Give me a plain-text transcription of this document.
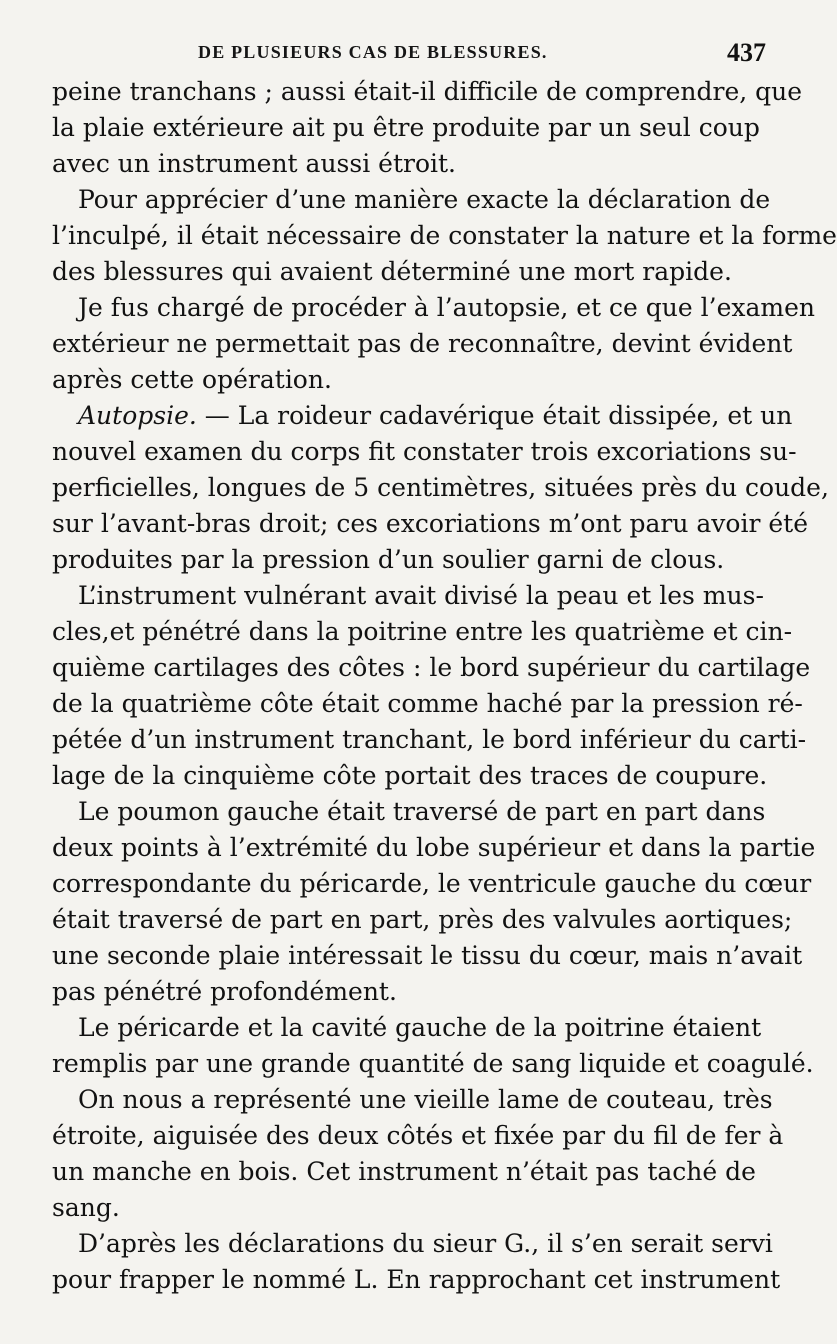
DE PLUSIEURS CAS DE BLESSURES.	437
peine tranchans ; aussi était-il difficile de comprendre, que
la plaie extérieure ait pu être produite par un seul coup
avec un instrument aussi étroit.
Pour apprécier d’une manière exacte la déclaration de
l’inculpé, il était nécessaire de constater la nature et la forme
des blessures qui avaient déterminé une mort rapide.
Je fus chargé de procéder à l’autopsie, et ce que l’examen
extérieur ne permettait pas de reconnaître, devint évident
après cette opération.
Autopsie. — La roideur cadavérique était dissipée, et un
nouvel examen du corps fit constater trois excoriations su-
perficielles, longues de 5 centimètres, situées près du coude,
sur l’avant-bras droit; ces excoriations m’ont paru avoir été
produites par la pression d’un soulier garni de clous.
L’instrument vulnérant avait divisé la peau et les mus-
cles,et pénétré dans la poitrine entre les quatrième et cin-
quième cartilages des côtes : le bord supérieur du cartilage
de la quatrième côte était comme haché par la pression ré-
pétée d’un instrument tranchant, le bord inférieur du carti-
lage de la cinquième côte portait des traces de coupure.
Le poumon gauche était traversé de part en part dans
deux points à l’extrémité du lobe supérieur et dans la partie
correspondante du péricarde, le ventricule gauche du cœur
était traversé de part en part, près des valvules aortiques;
une seconde plaie intéressait le tissu du cœur, mais n’avait
pas pénétré profondément.
Le péricarde et la cavité gauche de la poitrine étaient
remplis par une grande quantité de sang liquide et coagulé.
On nous a représenté une vieille lame de couteau, très
étroite, aiguisée des deux côtés et fixée par du fil de fer à
un manche en bois. Cet instrument n’était pas taché de
sang.
D’après les déclarations du sieur G., il s’en serait servi
pour frapper le nommé L. En rapprochant cet instrument
